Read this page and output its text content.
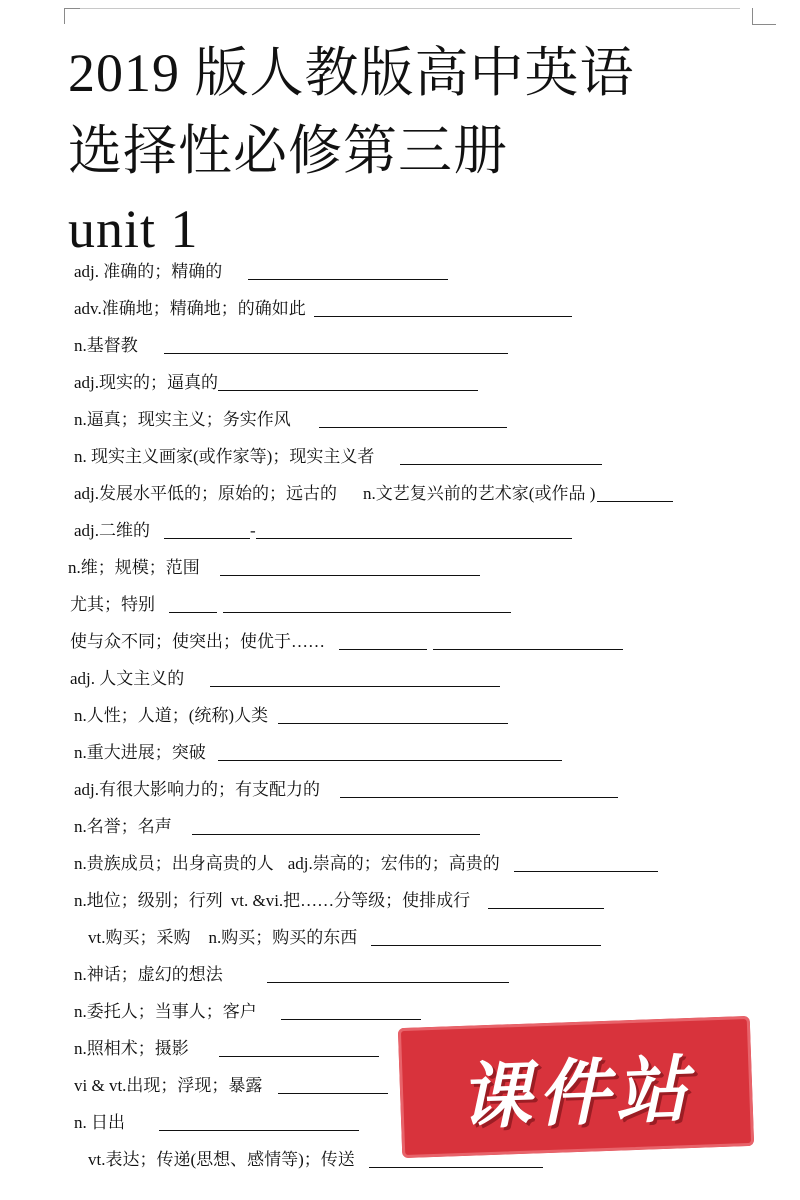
2019 版人教版高中英语
选择性必修第三册
unit 1
adj. 准确的；精确的
adv.准确地；精确地；的确如此
n.基督教
adj.现实的；逼真的
n.逼真；现实主义；务实作风
n. 现实主义画家(或作家等)；现实主义者
adj.发展水平低的；原始的；远古的 n.文艺复兴前的艺术家(或作品 )
adj.二维的	-
n.维；规模；范围
尤其；特别
使与众不同；使突出；使优于……
adj. 人文主义的
n.人性；人道；(统称)人类
n.重大进展；突破
adj.有很大影响力的；有支配力的
n.名誉；名声
n.贵族成员；出身高贵的人 adj.崇高的；宏伟的；高贵的
n.地位；级别；行列 vt. &vi.把……分等级；使排成行
vt.购买；采购 n.购买；购买的东西
n.神话；虚幻的想法
n.委托人；当事人；客户
n.照相术；摄影
vi & vt.出现；浮现；暴露
n. 日出
vt.表达；传递(思想、感情等)；传送
课件站
